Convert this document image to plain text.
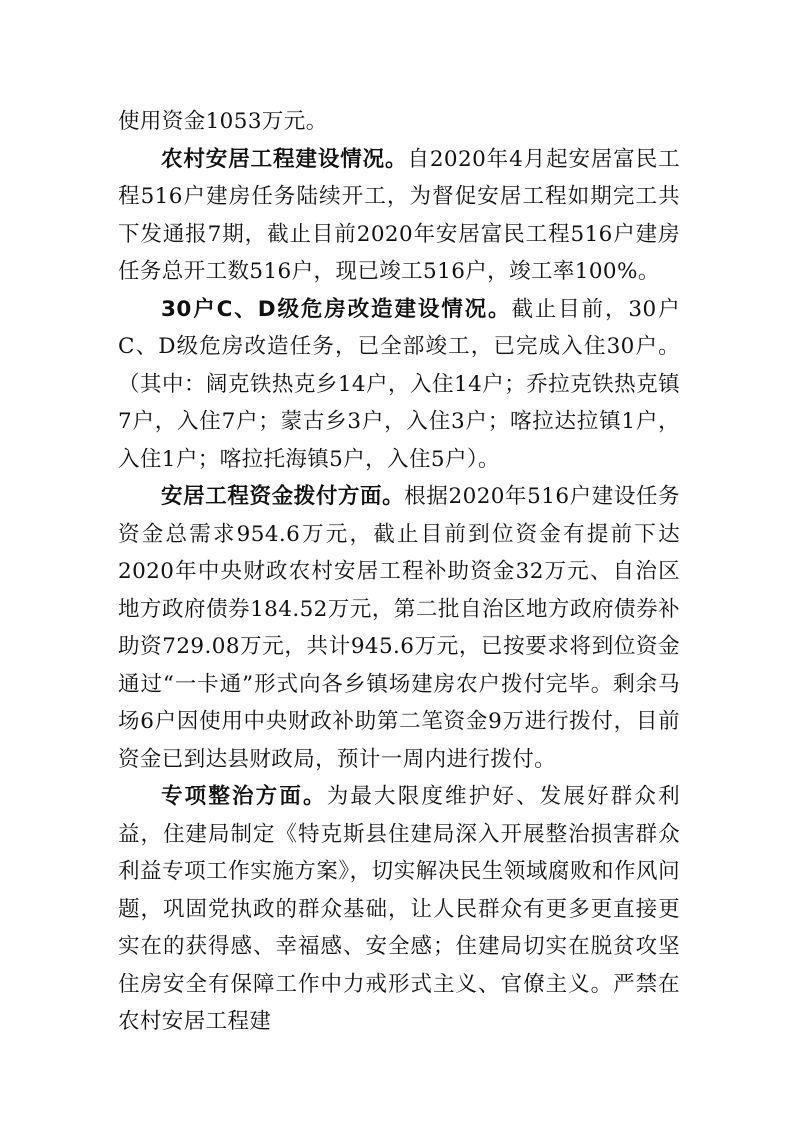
使用资金1053万元。

农村安居工程建设情况。自2020年4月起安居富民工程516户建房任务陆续开工，为督促安居工程如期完工共下发通报7期，截止目前2020年安居富民工程516户建房任务总开工数516户，现已竣工516户，竣工率100%。

30户C、D级危房改造建设情况。截止目前，30户C、D级危房改造任务，已全部竣工，已完成入住30户。（其中：阔克铁热克乡14户，入住14户；乔拉克铁热克镇7户，入住7户；蒙古乡3户，入住3户；喀拉达拉镇1户，入住1户；喀拉托海镇5户，入住5户）。

安居工程资金拨付方面。根据2020年516户建设任务资金总需求954.6万元，截止目前到位资金有提前下达2020年中央财政农村安居工程补助资金32万元、自治区地方政府债券184.52万元，第二批自治区地方政府债券补助资729.08万元，共计945.6万元，已按要求将到位资金通过“一卡通”形式向各乡镇场建房农户拨付完毕。剩余马场6户因使用中央财政补助第二笔资金9万进行拨付，目前资金已到达县财政局，预计一周内进行拨付。

专项整治方面。为最大限度维护好、发展好群众利益，住建局制定《特克斯县住建局深入开展整治损害群众利益专项工作实施方案》，切实解决民生领域腐败和作风问题，巩固党执政的群众基础，让人民群众有更多更直接更实在的获得感、幸福感、安全感；住建局切实在脱贫攻坚住房安全有保障工作中力戒形式主义、官僚主义。严禁在农村安居工程建
